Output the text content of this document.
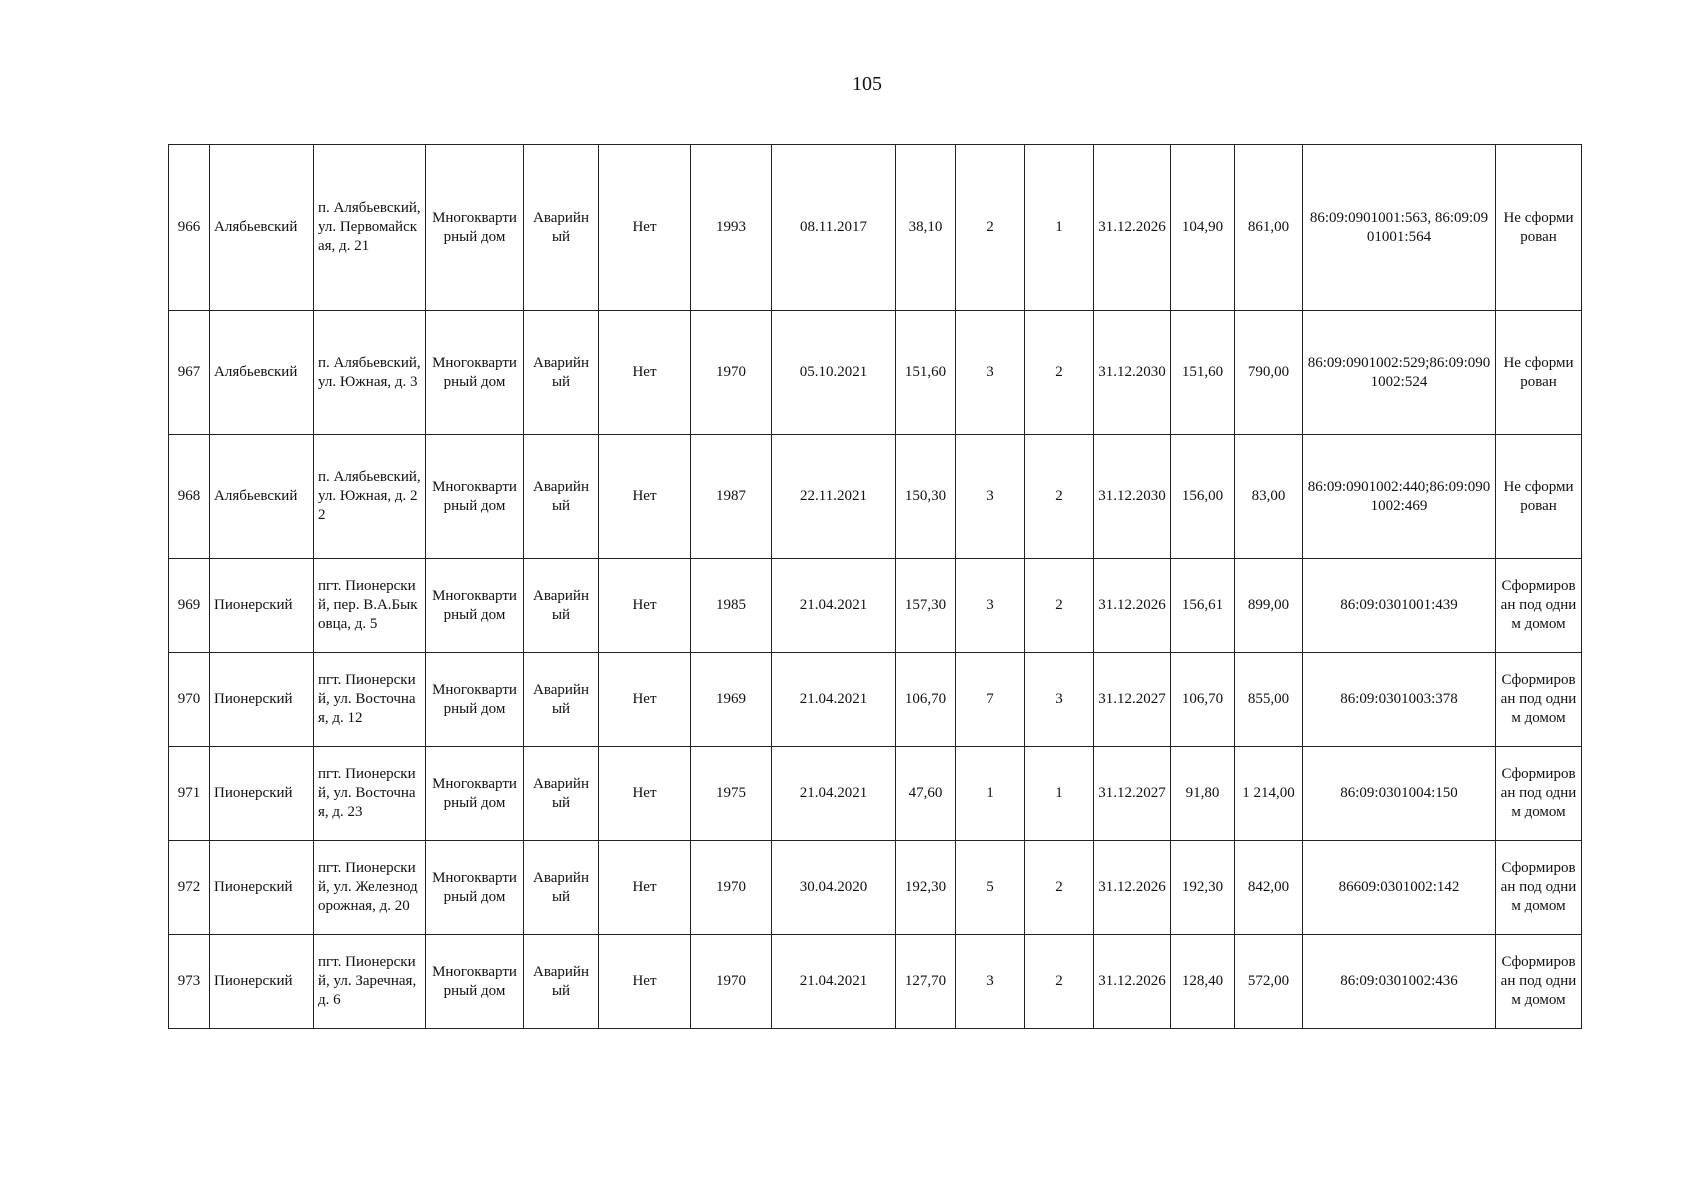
105
966	Алябьевский	п. Алябьевский, ул. Первомайская, д. 21	Многоквартирный дом	Аварийный	Нет	1993	08.11.2017	38,10	2	1	31.12.2026	104,90	861,00	86:09:0901001:563, 86:09:0901001:564	Не сформирован
967	Алябьевский	п. Алябьевский, ул. Южная, д. 3	Многоквартирный дом	Аварийный	Нет	1970	05.10.2021	151,60	3	2	31.12.2030	151,60	790,00	86:09:0901002:529;86:09:0901002:524	Не сформирован
968	Алябьевский	п. Алябьевский, ул. Южная, д. 22	Многоквартирный дом	Аварийный	Нет	1987	22.11.2021	150,30	3	2	31.12.2030	156,00	83,00	86:09:0901002:440;86:09:0901002:469	Не сформирован
969	Пионерский	пгт. Пионерский, пер. В.А.Быковца, д. 5	Многоквартирный дом	Аварийный	Нет	1985	21.04.2021	157,30	3	2	31.12.2026	156,61	899,00	86:09:0301001:439	Сформирован под одним домом
970	Пионерский	пгт. Пионерский, ул. Восточная, д. 12	Многоквартирный дом	Аварийный	Нет	1969	21.04.2021	106,70	7	3	31.12.2027	106,70	855,00	86:09:0301003:378	Сформирован под одним домом
971	Пионерский	пгт. Пионерский, ул. Восточная, д. 23	Многоквартирный дом	Аварийный	Нет	1975	21.04.2021	47,60	1	1	31.12.2027	91,80	1 214,00	86:09:0301004:150	Сформирован под одним домом
972	Пионерский	пгт. Пионерский, ул. Железнодорожная, д. 20	Многоквартирный дом	Аварийный	Нет	1970	30.04.2020	192,30	5	2	31.12.2026	192,30	842,00	86609:0301002:142	Сформирован под одним домом
973	Пионерский	пгт. Пионерский, ул. Заречная, д. 6	Многоквартирный дом	Аварийный	Нет	1970	21.04.2021	127,70	3	2	31.12.2026	128,40	572,00	86:09:0301002:436	Сформирован под одним домом
